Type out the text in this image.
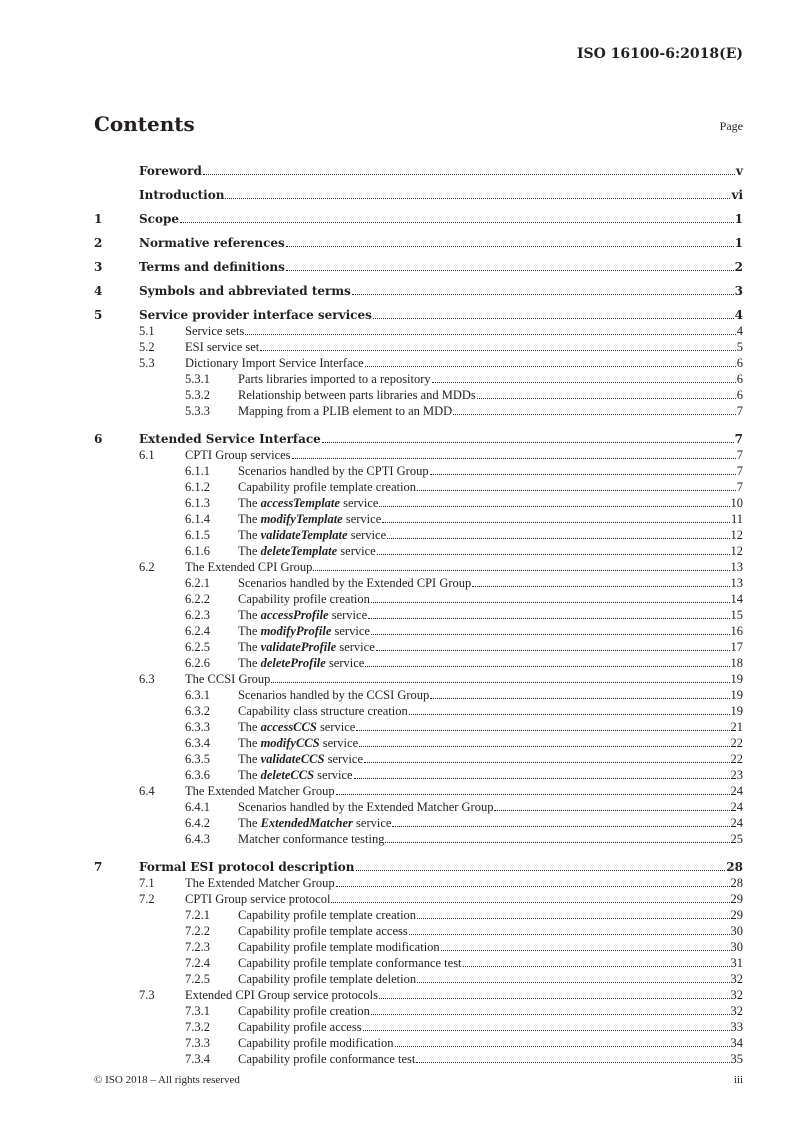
ISO 16100-6:2018(E)
Contents	Page
Foreword	v
Introduction	vi
1	Scope	1
2	Normative references	1
3	Terms and definitions	2
4	Symbols and abbreviated terms	3
5	Service provider interface services	4
5.1	Service sets	4
5.2	ESI service set	5
5.3	Dictionary Import Service Interface	6
5.3.1	Parts libraries imported to a repository	6
5.3.2	Relationship between parts libraries and MDDs	6
5.3.3	Mapping from a PLIB element to an MDD	7
6	Extended Service Interface	7
6.1	CPTI Group services	7
6.1.1	Scenarios handled by the CPTI Group	7
6.1.2	Capability profile template creation	7
6.1.3	The accessTemplate service	10
6.1.4	The modifyTemplate service	11
6.1.5	The validateTemplate service	12
6.1.6	The deleteTemplate service	12
6.2	The Extended CPI Group	13
6.2.1	Scenarios handled by the Extended CPI Group	13
6.2.2	Capability profile creation	14
6.2.3	The accessProfile service	15
6.2.4	The modifyProfile service	16
6.2.5	The validateProfile service	17
6.2.6	The deleteProfile service	18
6.3	The CCSI Group	19
6.3.1	Scenarios handled by the CCSI Group	19
6.3.2	Capability class structure creation	19
6.3.3	The accessCCS service	21
6.3.4	The modifyCCS service	22
6.3.5	The validateCCS service	22
6.3.6	The deleteCCS service	23
6.4	The Extended Matcher Group	24
6.4.1	Scenarios handled by the Extended Matcher Group	24
6.4.2	The ExtendedMatcher service	24
6.4.3	Matcher conformance testing	25
7	Formal ESI protocol description	28
7.1	The Extended Matcher Group	28
7.2	CPTI Group service protocol	29
7.2.1	Capability profile template creation	29
7.2.2	Capability profile template access	30
7.2.3	Capability profile template modification	30
7.2.4	Capability profile template conformance test	31
7.2.5	Capability profile template deletion	32
7.3	Extended CPI Group service protocols	32
7.3.1	Capability profile creation	32
7.3.2	Capability profile access	33
7.3.3	Capability profile modification	34
7.3.4	Capability profile conformance test	35
© ISO 2018 – All rights reserved	iii
